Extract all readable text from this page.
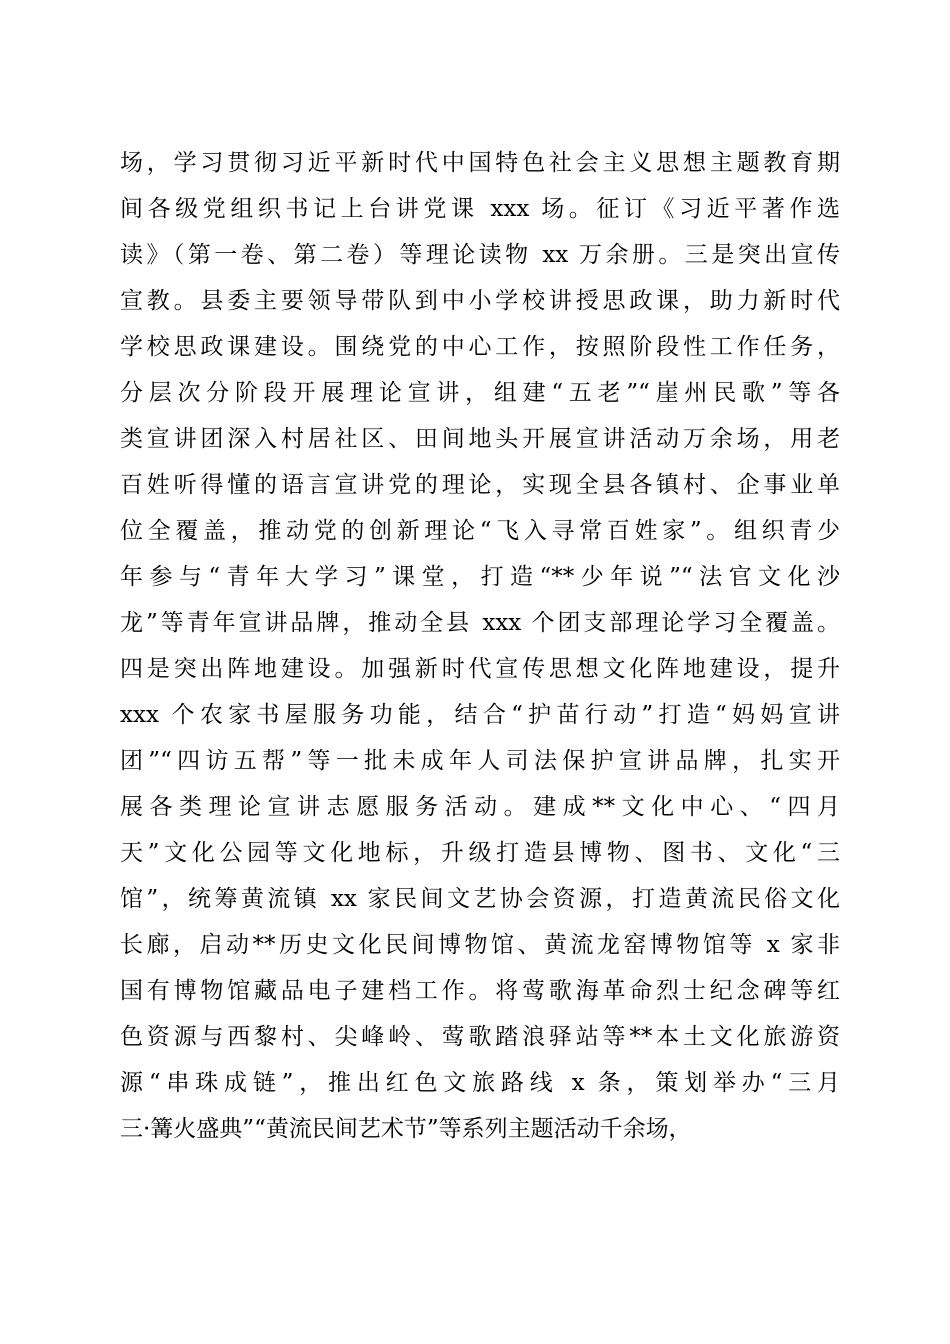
场，学习贯彻习近平新时代中国特色社会主义思想主题教育期
间各级党组织书记上台讲党课 xxx 场。征订《习近平著作选
读》（第一卷、第二卷）等理论读物 xx 万余册。三是突出宣传
宣教。县委主要领导带队到中小学校讲授思政课，助力新时代
学校思政课建设。围绕党的中心工作，按照阶段性工作任务，
分层次分阶段开展理论宣讲，组建“五老”“崖州民歌”等各
类宣讲团深入村居社区、田间地头开展宣讲活动万余场，用老
百姓听得懂的语言宣讲党的理论，实现全县各镇村、企事业单
位全覆盖，推动党的创新理论“飞入寻常百姓家”。组织青少
年参与“青年大学习”课堂，打造“**少年说”“法官文化沙
龙”等青年宣讲品牌，推动全县 xxx 个团支部理论学习全覆盖。
四是突出阵地建设。加强新时代宣传思想文化阵地建设，提升
xxx 个农家书屋服务功能，结合“护苗行动”打造“妈妈宣讲
团”“四访五帮”等一批未成年人司法保护宣讲品牌，扎实开
展各类理论宣讲志愿服务活动。建成**文化中心、“四月
天”文化公园等文化地标，升级打造县博物、图书、文化“三
馆”，统筹黄流镇 xx 家民间文艺协会资源，打造黄流民俗文化
长廊，启动**历史文化民间博物馆、黄流龙窑博物馆等 x 家非
国有博物馆藏品电子建档工作。将莺歌海革命烈士纪念碑等红
色资源与西黎村、尖峰岭、莺歌踏浪驿站等**本土文化旅游资
源“串珠成链”，推出红色文旅路线 x 条，策划举办“三月
三·篝火盛典”“黄流民间艺术节”等系列主题活动千余场，
